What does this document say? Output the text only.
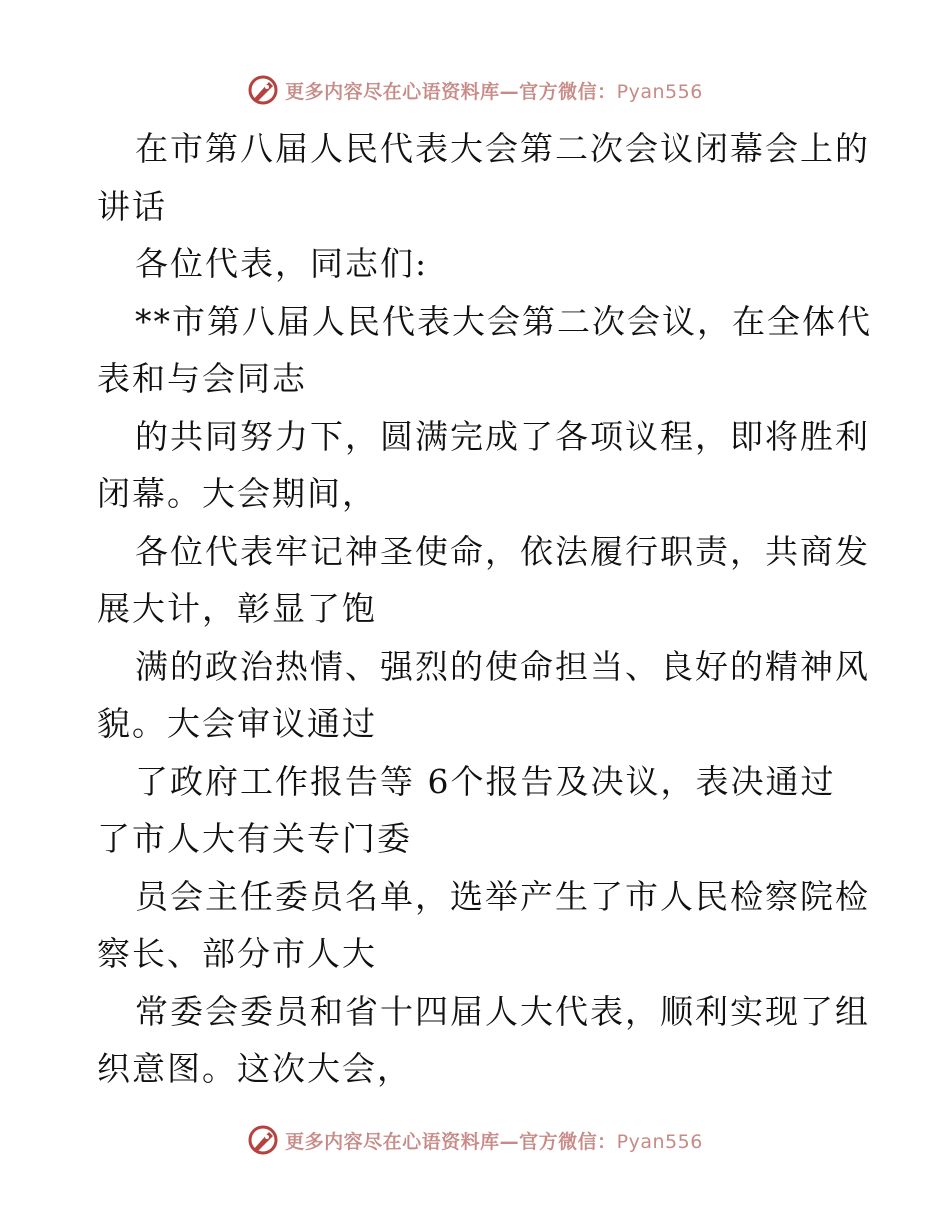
更多内容尽在心语资料库—官方微信：Pyan556
在市第八届人民代表大会第二次会议闭幕会上的
讲话
各位代表，同志们:
**市第八届人民代表大会第二次会议，在全体代
表和与会同志
的共同努力下，圆满完成了各项议程，即将胜利
闭幕。大会期间，
各位代表牢记神圣使命，依法履行职责，共商发
展大计，彰显了饱
满的政治热情、强烈的使命担当、良好的精神风
貌。大会审议通过
了政府工作报告等 6个报告及决议，表决通过
了市人大有关专门委
员会主任委员名单，选举产生了市人民检察院检
察长、部分市人大
常委会委员和省十四届人大代表，顺利实现了组
织意图。这次大会，
更多内容尽在心语资料库—官方微信：Pyan556
